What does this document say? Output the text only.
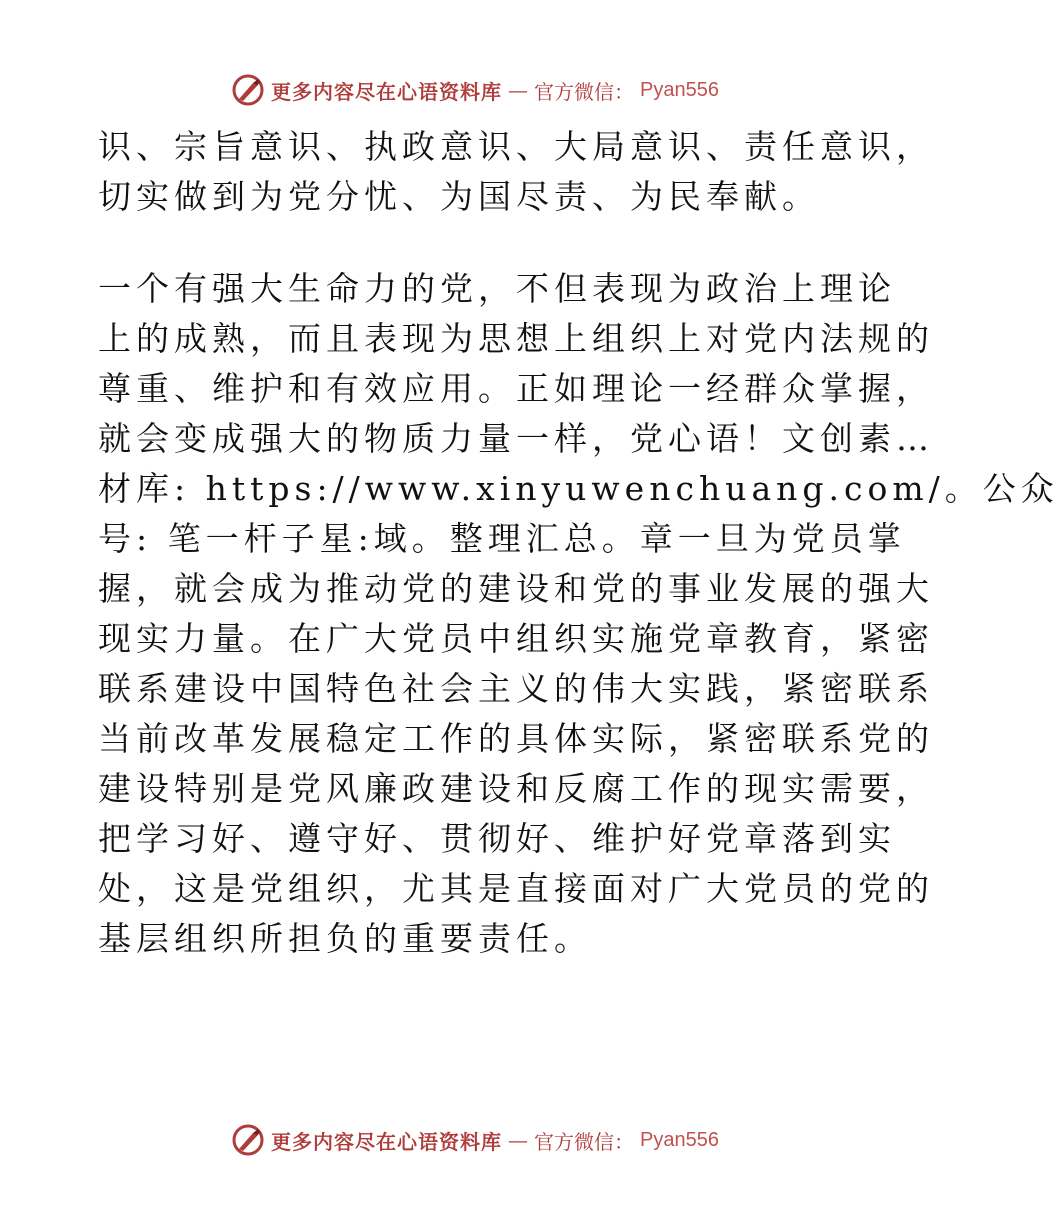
更多内容尽在心语资料库 — 官方微信： Pyan556
识、宗旨意识、执政意识、大局意识、责任意识，
切实做到为党分忧、为国尽责、为民奉献。
一个有强大生命力的党，不但表现为政治上理论
上的成熟，而且表现为思想上组织上对党内法规的
尊重、维护和有效应用。正如理论一经群众掌握，
就会变成强大的物质力量一样，党心语！文创素…
材库: https://www.xinyuwenchuang.com/。公众
号: 笔一杆子星:域。整理汇总。章一旦为党员掌
握，就会成为推动党的建设和党的事业发展的强大
现实力量。在广大党员中组织实施党章教育，紧密
联系建设中国特色社会主义的伟大实践，紧密联系
当前改革发展稳定工作的具体实际，紧密联系党的
建设特别是党风廉政建设和反腐工作的现实需要，
把学习好、遵守好、贯彻好、维护好党章落到实
处，这是党组织，尤其是直接面对广大党员的党的
基层组织所担负的重要责任。
更多内容尽在心语资料库 — 官方微信： Pyan556
